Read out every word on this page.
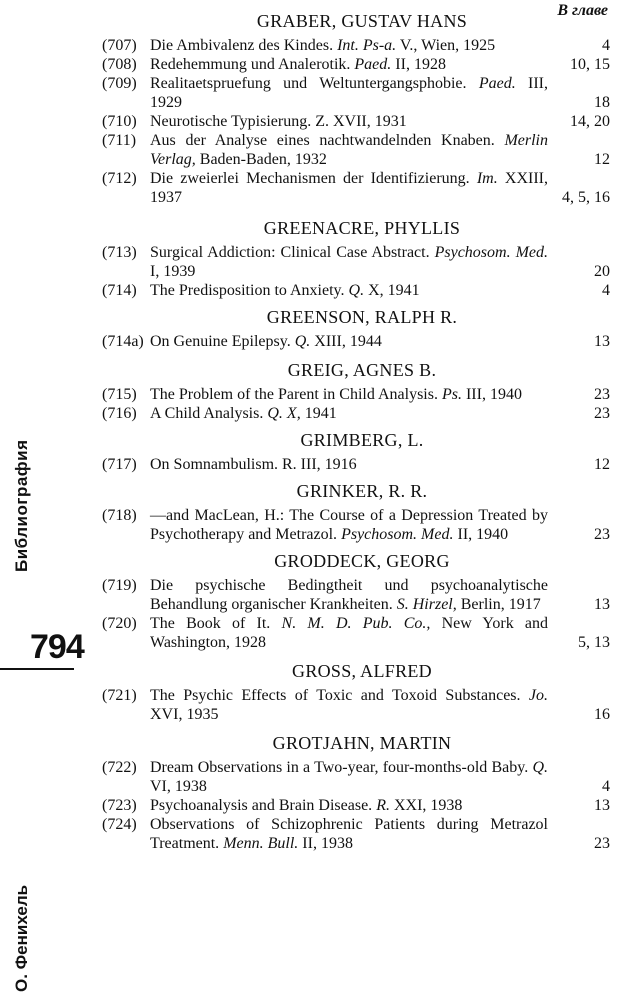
Библиография
794
О. Фенихель
В главе
GRABER, GUSTAV HANS
(707) Die Ambivalenz des Kindes. Int. Ps-a. V., Wien, 1925	4
(708) Redehemmung und Analerotik. Paed. II, 1928	10, 15
(709) Realitaetspruefung und Weltuntergangsphobie. Paed. III, 1929	18
(710) Neurotische Typisierung. Z. XVII, 1931	14, 20
(711) Aus der Analyse eines nachtwandelnden Knaben. Merlin Verlag, Baden-Baden, 1932	12
(712) Die zweierlei Mechanismen der Identifizierung. Im. XXIII, 1937	4, 5, 16
GREENACRE, PHYLLIS
(713) Surgical Addiction: Clinical Case Abstract. Psychosom. Med. I, 1939	20
(714) The Predisposition to Anxiety. Q. X, 1941	4
GREENSON, RALPH R.
(714a) On Genuine Epilepsy. Q. XIII, 1944	13
GREIG, AGNES B.
(715) The Problem of the Parent in Child Analysis. Ps. III, 1940	23
(716) A Child Analysis. Q. X, 1941	23
GRIMBERG, L.
(717) On Somnambulism. R. III, 1916	12
GRINKER, R. R.
(718) —and MacLean, H.: The Course of a Depression Treated by Psychotherapy and Metrazol. Psychosom. Med. II, 1940	23
GRODDECK, GEORG
(719) Die psychische Bedingtheit und psychoanalytische Behandlung organischer Krankheiten. S. Hirzel, Berlin, 1917	13
(720) The Book of It. N. M. D. Pub. Co., New York and Washington, 1928	5, 13
GROSS, ALFRED
(721) The Psychic Effects of Toxic and Toxoid Substances. Jo. XVI, 1935	16
GROTJAHN, MARTIN
(722) Dream Observations in a Two-year, four-months-old Baby. Q. VI, 1938	4
(723) Psychoanalysis and Brain Disease. R. XXI, 1938	13
(724) Observations of Schizophrenic Patients during Metrazol Treatment. Menn. Bull. II, 1938	23
